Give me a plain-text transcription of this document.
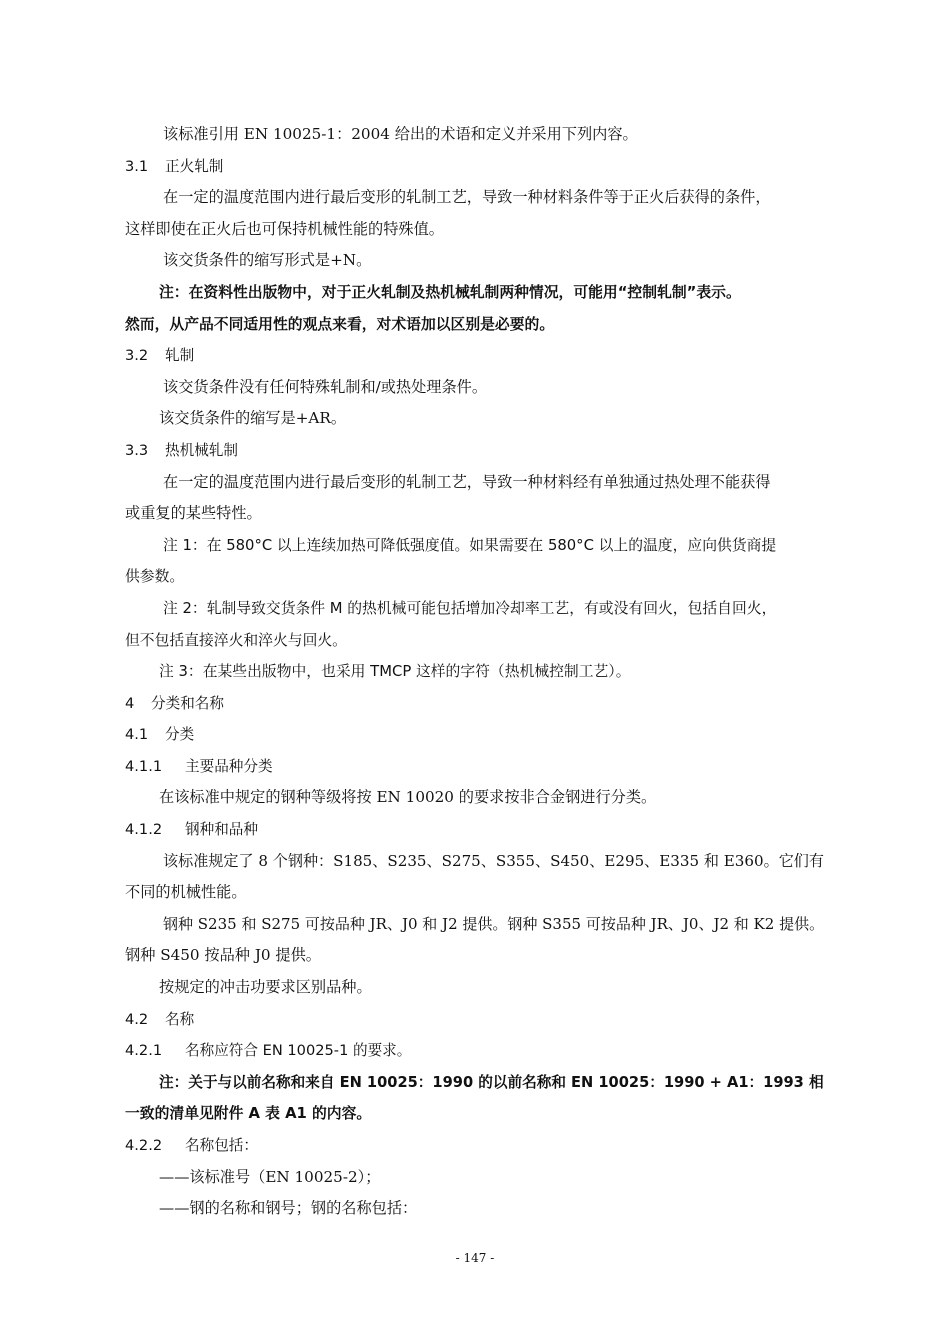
该标准引用 EN 10025-1：2004 给出的术语和定义并采用下列内容。

3.1 正火轧制

在一定的温度范围内进行最后变形的轧制工艺，导致一种材料条件等于正火后获得的条件，

这样即使在正火后也可保持机械性能的特殊值。

该交货条件的缩写形式是+N。

注：在资料性出版物中，对于正火轧制及热机械轧制两种情况，可能用“控制轧制”表示。

然而，从产品不同适用性的观点来看，对术语加以区别是必要的。

3.2 轧制

该交货条件没有任何特殊轧制和/或热处理条件。

该交货条件的缩写是+AR。

3.3 热机械轧制

在一定的温度范围内进行最后变形的轧制工艺，导致一种材料经有单独通过热处理不能获得

或重复的某些特性。

注 1：在 580°C 以上连续加热可降低强度值。如果需要在 580°C 以上的温度，应向供货商提

供参数。

注 2：轧制导致交货条件 M 的热机械可能包括增加冷却率工艺，有或没有回火，包括自回火，

但不包括直接淬火和淬火与回火。

注 3：在某些出版物中，也采用 TMCP 这样的字符（热机械控制工艺）。

4 分类和名称

4.1 分类

4.1.1 主要品种分类

在该标准中规定的钢种等级将按 EN 10020 的要求按非合金钢进行分类。

4.1.2 钢种和品种

该标准规定了 8 个钢种：S185、S235、S275、S355、S450、E295、E335 和 E360。它们有

不同的机械性能。

钢种 S235 和 S275 可按品种 JR、J0 和 J2 提供。钢种 S355 可按品种 JR、J0、J2 和 K2 提供。

钢种 S450 按品种 J0 提供。

按规定的冲击功要求区别品种。

4.2 名称

4.2.1 名称应符合 EN 10025-1 的要求。

注：关于与以前名称和来自 EN 10025：1990 的以前名称和 EN 10025：1990 + A1：1993 相

一致的清单见附件 A 表 A1 的内容。

4.2.2 名称包括：

——该标准号（EN 10025-2）；

——钢的名称和钢号；钢的名称包括：

- 147 -
